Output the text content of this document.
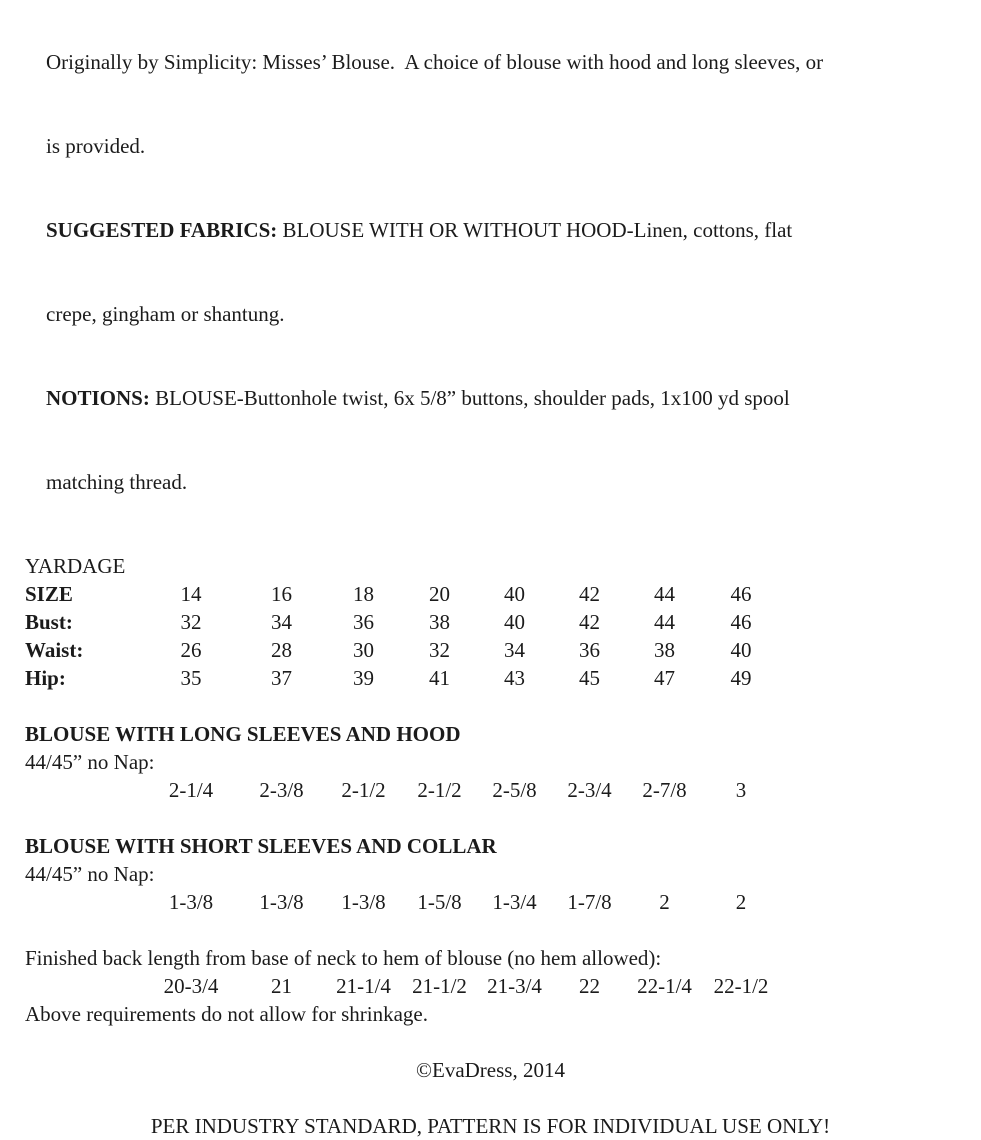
Originally by Simplicity: Misses’ Blouse.  A choice of blouse with hood and long sleeves, or

is provided.

SUGGESTED FABRICS: BLOUSE WITH OR WITHOUT HOOD-Linen, cottons, flat

crepe, gingham or shantung.

NOTIONS: BLOUSE-Buttonhole twist, 6x 5/8” buttons, shoulder pads, 1x100 yd spool

matching thread.

YARDAGE
SIZE	14	16	18	20	40	42	44	46
Bust:	32	34	36	38	40	42	44	46
Waist:	26	28	30	32	34	36	38	40
Hip:	35	37	39	41	43	45	47	49
BLOUSE WITH LONG SLEEVES AND HOOD
44/45” no Nap:
2-1/4	2-3/8	2-1/2	2-1/2	2-5/8	2-3/4	2-7/8	3
BLOUSE WITH SHORT SLEEVES AND COLLAR
44/45” no Nap:
1-3/8	1-3/8	1-3/8	1-5/8	1-3/4	1-7/8	2	2
Finished back length from base of neck to hem of blouse (no hem allowed):
20-3/4	21	21-1/4	21-1/2 21-3/4	22	22-1/4	22-1/2
Above requirements do not allow for shrinkage.
©EvaDress, 2014
PER INDUSTRY STANDARD, PATTERN IS FOR INDIVIDUAL USE ONLY!
